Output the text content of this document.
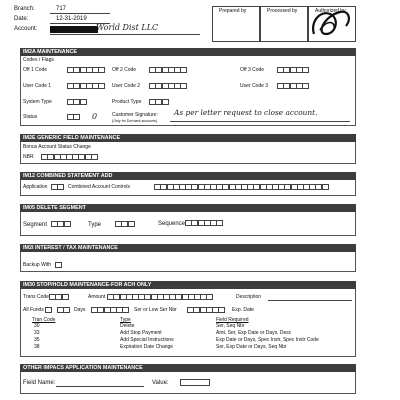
Branch:	717
Date:	12-31-2019
Account:	World Dist LLC
Prepared by	Processed by	Authorized by
IM2A MAINTENANCE
Codes / Flags
Off 1 Code	Off 2 Code	Off 3 Code
User Code 1	User Code 2	User Code 3
System Type	Product Type
Status	0	Customer Signature:
(Only for Dormant accounts)
As per letter request to close account.
IM2E GENERIC FIELD MAINTENANCE
Bonus Account Status Change
NBR
IM12 COMBINED STATEMENT ADD
Application	Combined Account Controls
IM05 DELETE SEGMENT
Segment	Type	Sequence
IM2I INTEREST / TAX MAINTENANCE
Backup With
IM30 STOP/HOLD MAINTENANCE-FOR ACH ONLY
Trans Code	Amount	Description
All Funds	Days	Ser or Low Ser Nbr	Exp. Date
Tran Code	Type	Field Required
30	Delete	Ser, Seq Nbr
33	Add Stop Payment	Amt, Ser, Exp Date or Days, Desc
35	Add Special Instructions	Exp Date or Days, Spec Instr, Spec Instr Code
38	Expiration Date Change	Ser, Exp Date or Days, Seq Nbr
OTHER IMPACS APPLICATION MAINTENANCE
Field Name:	Value:
